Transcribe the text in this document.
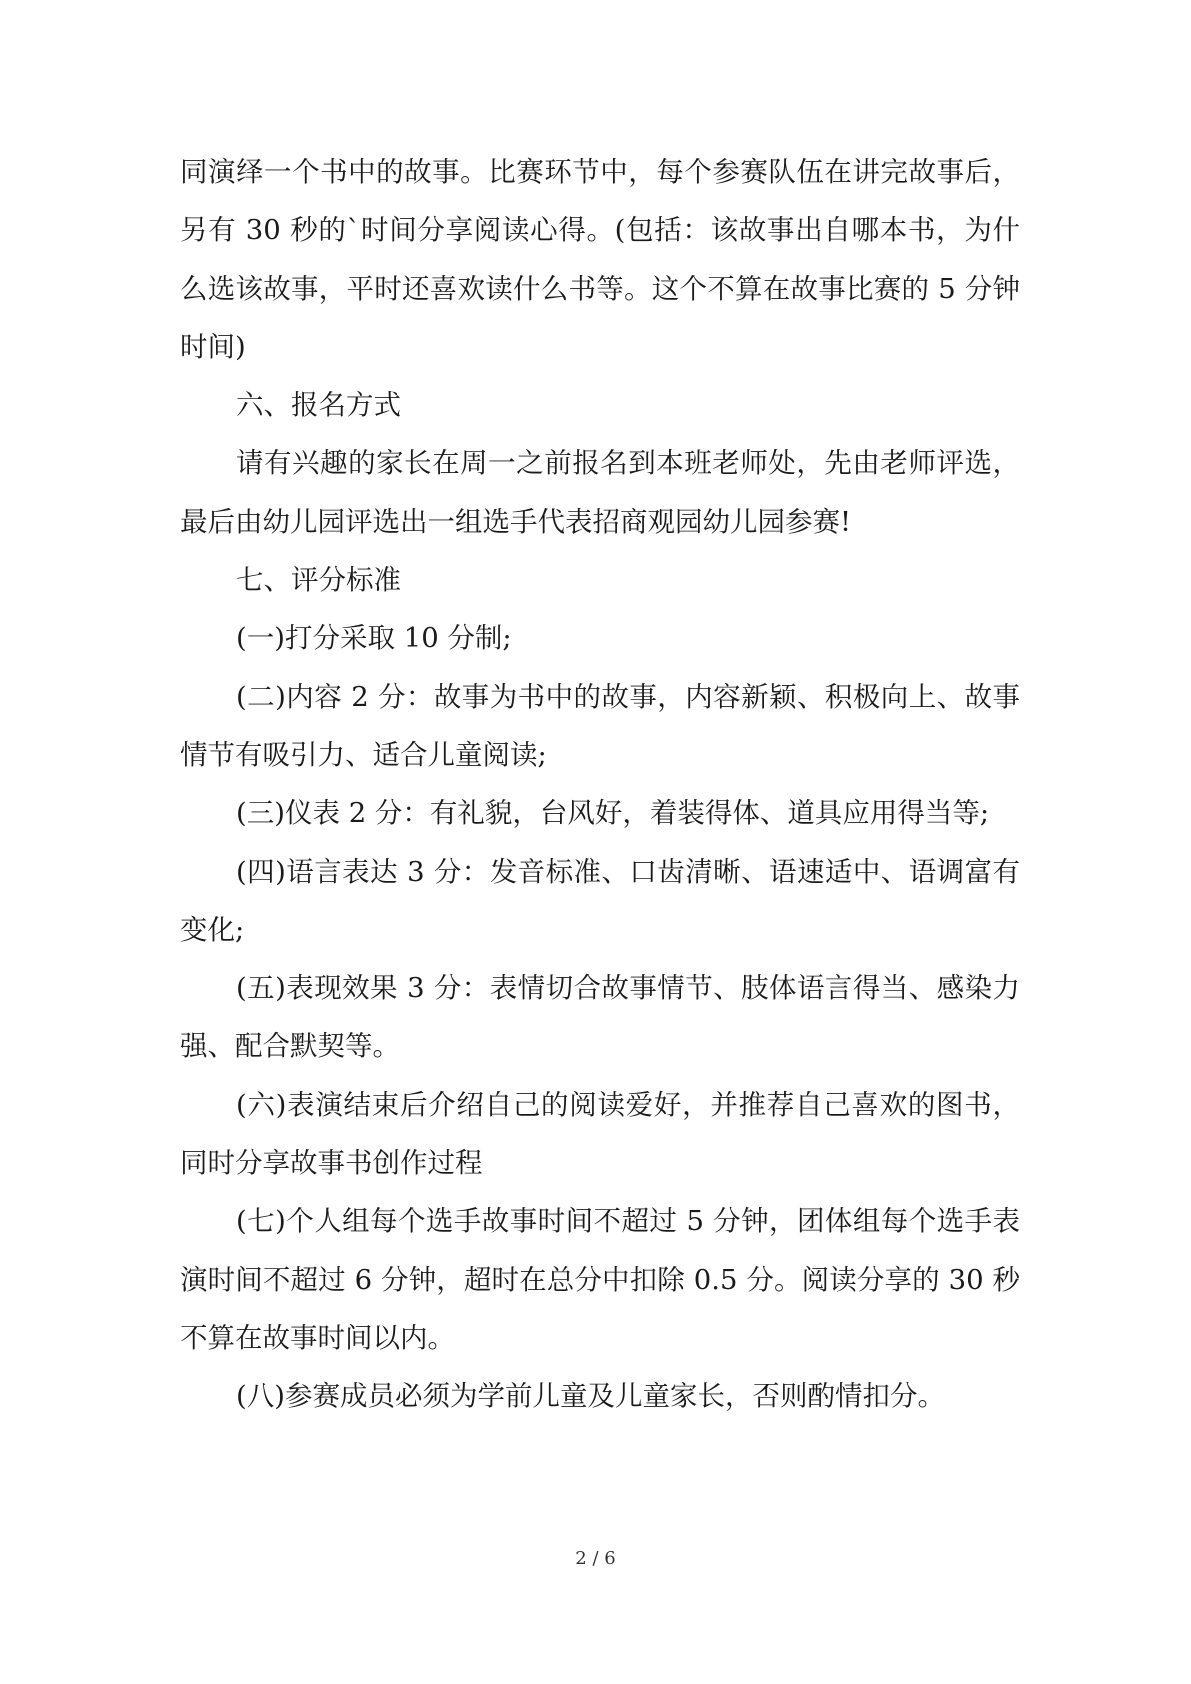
同演绎一个书中的故事。比赛环节中，每个参赛队伍在讲完故事后，另有 30 秒的`时间分享阅读心得。(包括：该故事出自哪本书，为什么选该故事，平时还喜欢读什么书等。这个不算在故事比赛的 5 分钟时间)

六、报名方式

请有兴趣的家长在周一之前报名到本班老师处，先由老师评选，最后由幼儿园评选出一组选手代表招商观园幼儿园参赛!

七、评分标准

(一)打分采取 10 分制;

(二)内容 2 分：故事为书中的故事，内容新颖、积极向上、故事情节有吸引力、适合儿童阅读;

(三)仪表 2 分：有礼貌，台风好，着装得体、道具应用得当等;

(四)语言表达 3 分：发音标准、口齿清晰、语速适中、语调富有变化;

(五)表现效果 3 分：表情切合故事情节、肢体语言得当、感染力强、配合默契等。

(六)表演结束后介绍自己的阅读爱好，并推荐自己喜欢的图书，同时分享故事书创作过程

(七)个人组每个选手故事时间不超过 5 分钟，团体组每个选手表演时间不超过 6 分钟，超时在总分中扣除 0.5 分。阅读分享的 30 秒不算在故事时间以内。

(八)参赛成员必须为学前儿童及儿童家长，否则酌情扣分。

2 / 6
